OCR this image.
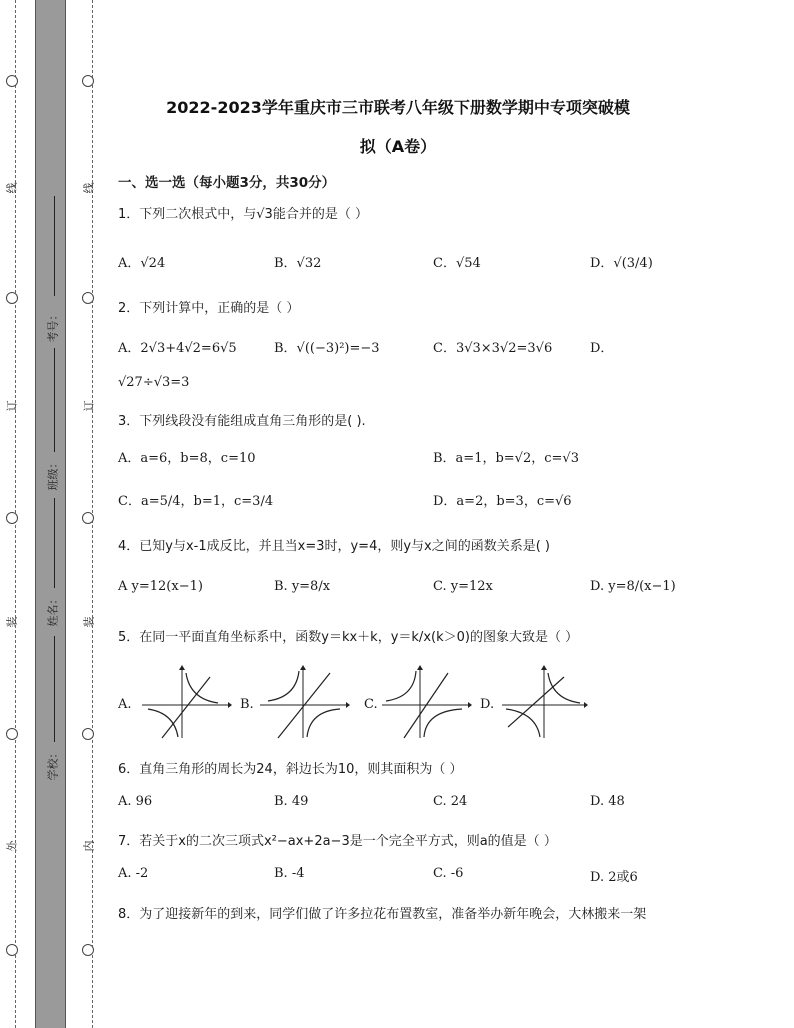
线
订
装
外
线
订
装
内
考号：
班级：
姓名：
学校：
2022-2023学年重庆市三市联考八年级下册数学期中专项突破模
拟（A卷）
一、选一选（每小题3分，共30分）
1．下列二次根式中，与√3能合并的是（ ）
A．√24	B．√32	C．√54	D．√(3/4)
2．下列计算中，正确的是（ ）
A．2√3+4√2=6√5	B．√((−3)²)=−3	C．3√3×3√2=3√6	D．
√27÷√3=3
3．下列线段没有能组成直角三角形的是( ).
A．a=6，b=8，c=10	B．a=1，b=√2，c=√3
C．a=5/4，b=1，c=3/4	D．a=2，b=3，c=√6
4．已知y与x-1成反比，并且当x=3时，y=4，则y与x之间的函数关系是( )
A y=12(x−1)	B. y=8/x	C. y=12x	D. y=8/(x−1)
5．在同一平面直角坐标系中，函数y＝kx＋k，y＝k/x(k＞0)的图象大致是（ ）
A.	B.	C.	D.
6．直角三角形的周长为24，斜边长为10，则其面积为（ ）
A. 96	B. 49	C. 24	D. 48
7．若关于x的二次三项式x²−ax+2a−3是一个完全平方式，则a的值是（ ）
A. -2	B. -4	C. -6	D. 2或6
8．为了迎接新年的到来，同学们做了许多拉花布置教室，准备举办新年晚会，大林搬来一架
